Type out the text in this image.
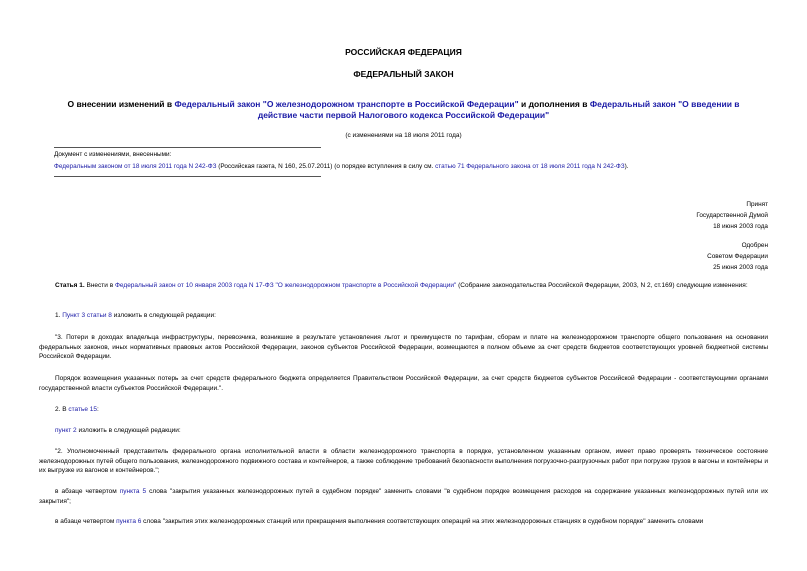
РОССИЙСКАЯ ФЕДЕРАЦИЯ
ФЕДЕРАЛЬНЫЙ ЗАКОН
О внесении изменений в Федеральный закон "О железнодорожном транспорте в Российской Федерации" и дополнения в Федеральный закон "О введении в действие части первой Налогового кодекса Российской Федерации"
(с изменениями на 18 июля 2011 года)
Документ с изменениями, внесенными:
Федеральным законом от 18 июля 2011 года N 242-ФЗ (Российская газета, N 160, 25.07.2011) (о порядке вступления в силу см. статью 71 Федерального закона от 18 июля 2011 года N 242-ФЗ).
Принят
Государственной Думой
18 июня 2003 года
Одобрен
Советом Федерации
25 июня 2003 года
Статья 1. Внести в Федеральный закон от 10 января 2003 года N 17-ФЗ "О железнодорожном транспорте в Российской Федерации" (Собрание законодательства Российской Федерации, 2003, N 2, ст.169) следующие изменения:
1. Пункт 3 статьи 8 изложить в следующей редакции:
"3. Потери в доходах владельца инфраструктуры, перевозчика, возникшие в результате установления льгот и преимуществ по тарифам, сборам и плате на железнодорожном транспорте общего пользования на основании федеральных законов, иных нормативных правовых актов Российской Федерации, законов субъектов Российской Федерации, возмещаются в полном объеме за счет средств бюджетов соответствующих уровней бюджетной системы Российской Федерации.
Порядок возмещения указанных потерь за счет средств федерального бюджета определяется Правительством Российской Федерации, за счет средств бюджетов субъектов Российской Федерации - соответствующими органами государственной власти субъектов Российской Федерации.".
2. В статье 15:
пункт 2 изложить в следующей редакции:
"2. Уполномоченный представитель федерального органа исполнительной власти в области железнодорожного транспорта в порядке, установленном указанным органом, имеет право проверять техническое состояние железнодорожных путей общего пользования, железнодорожного подвижного состава и контейнеров, а также соблюдение требований безопасности выполнения погрузочно-разгрузочных работ при погрузке грузов в вагоны и контейнеры и их выгрузке из вагонов и контейнеров.";
в абзаце четвертом пункта 5 слова "закрытия указанных железнодорожных путей в судебном порядке" заменить словами "в судебном порядке возмещения расходов на содержание указанных железнодорожных путей или их закрытия";
в абзаце четвертом пункта 6 слова "закрытия этих железнодорожных станций или прекращения выполнения соответствующих операций на этих железнодорожных станциях в судебном порядке" заменить словами
